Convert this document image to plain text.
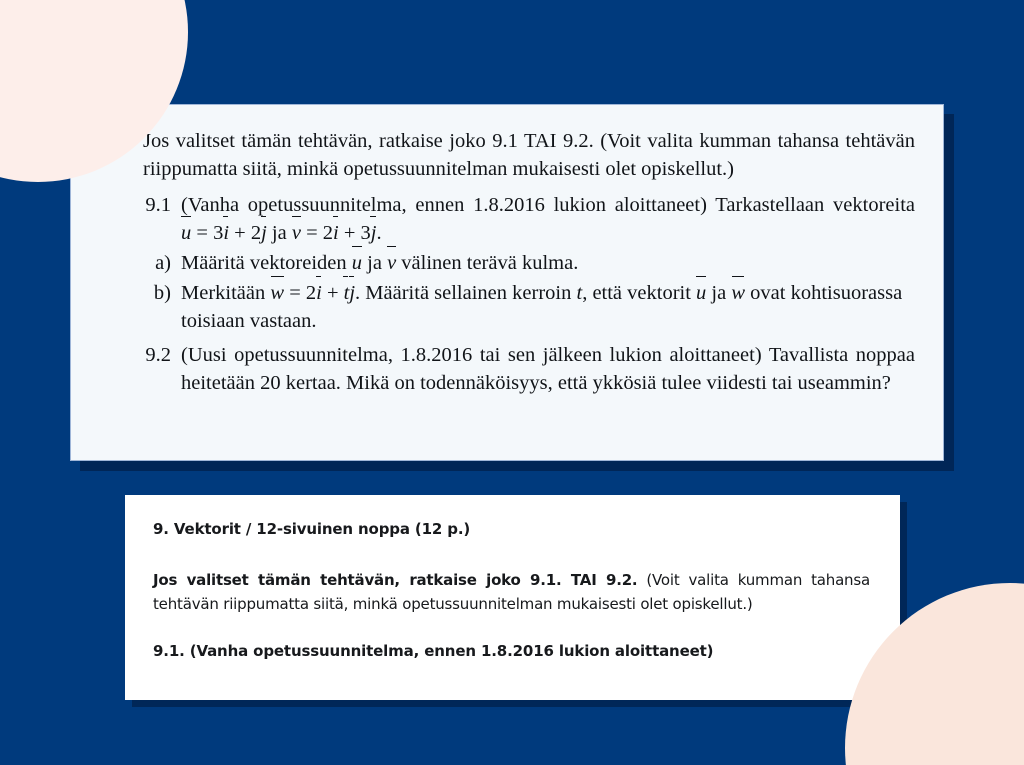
Jos valitset tämän tehtävän, ratkaise joko 9.1 TAI 9.2. (Voit valita kumman tahansa tehtävän riippumatta siitä, minkä opetussuunnitelman mukaisesti olet opiskellut.)
9.1 (Vanha opetussuunnitelma, ennen 1.8.2016 lukion aloittaneet) Tarkastellaan vektoreita u = 3i + 2j ja v = 2i + 3j.
a) Määritä vektoreiden u ja v välinen terävä kulma.
b) Merkitään w = 2i + tj. Määritä sellainen kerroin t, että vektorit u ja w ovat kohtisuorassa toisiaan vastaan.
9.2 (Uusi opetussuunnitelma, 1.8.2016 tai sen jälkeen lukion aloittaneet) Tavallista noppaa heitetään 20 kertaa. Mikä on todennäköisyys, että ykkösiä tulee viidesti tai useammin?

9. Vektorit / 12-sivuinen noppa (12 p.)

Jos valitset tämän tehtävän, ratkaise joko 9.1. TAI 9.2. (Voit valita kumman tahansa tehtävän riippumatta siitä, minkä opetussuunnitelman mukaisesti olet opiskellut.)

9.1. (Vanha opetussuunnitelma, ennen 1.8.2016 lukion aloittaneet)
